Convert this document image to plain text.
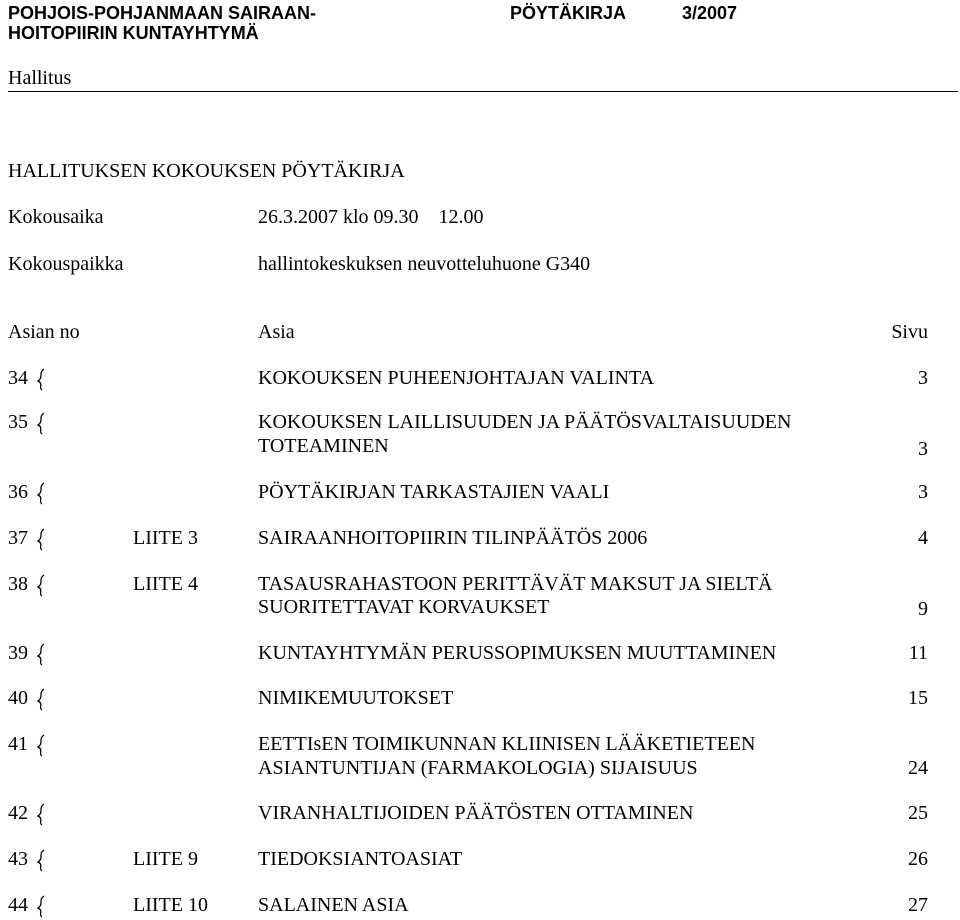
POHJOIS-POHJANMAAN SAIRAAN-
HOITOPIIRIN KUNTAYHTYMÄ
PÖYTÄKIRJA	3/2007
Hallitus
HALLITUKSEN KOKOUKSEN PÖYTÄKIRJA
Kokousaika	26.3.2007 klo 09.30    12.00
Kokouspaikka	hallintokeskuksen neuvotteluhuone G340
Asian no	Asia	Sivu
34	KOKOUKSEN PUHEENJOHTAJAN VALINTA	3
35	KOKOUKSEN LAILLISUUDEN JA PÄÄTÖSVALTAISUUDEN
TOTEAMINEN	3
36	PÖYTÄKIRJAN TARKASTAJIEN VAALI	3
37	LIITE 3	SAIRAANHOITOPIIRIN TILINPÄÄTÖS 2006	4
38	LIITE 4	TASAUSRAHASTOON PERITTÄVÄT MAKSUT JA SIELTÄ
SUORITETTAVAT KORVAUKSET	9
39	KUNTAYHTYMÄN PERUSSOPIMUKSEN MUUTTAMINEN	11
40	NIMIKEMUUTOKSET	15
41	EETTIsEN TOIMIKUNNAN KLIINISEN LÄÄKETIETEEN
ASIANTUNTIJAN (FARMAKOLOGIA) SIJAISUUS	24
42	VIRANHALTIJOIDEN PÄÄTÖSTEN OTTAMINEN	25
43	LIITE 9	TIEDOKSIANTOASIAT	26
44	LIITE 10	SALAINEN ASIA	27
